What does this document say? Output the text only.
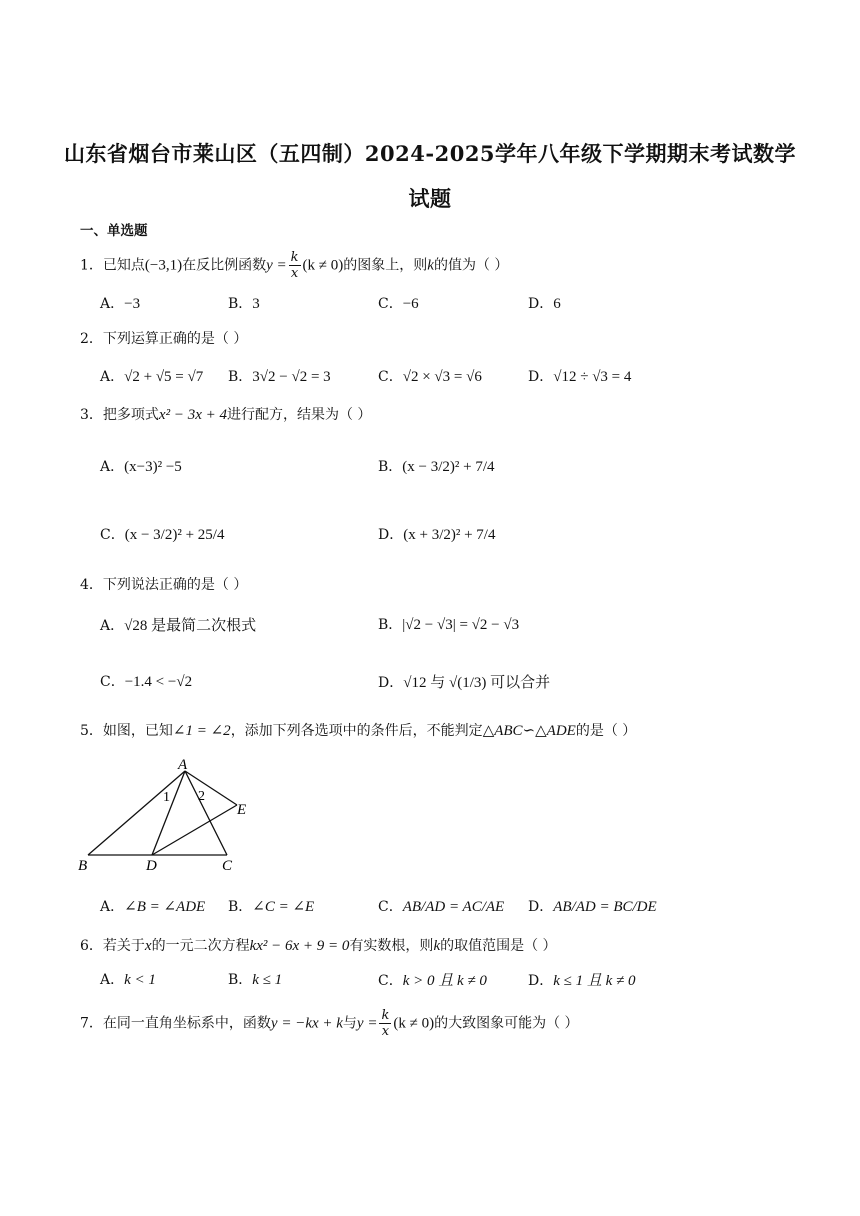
山东省烟台市莱山区（五四制）2024-2025学年八年级下学期期末考试数学
试题
一、单选题
1．已知点(−3,1)在反比例函数$y = \frac{k}{x} (k \ne 0)$的图象上，则k的值为（ ）
A．−3	B．3	C．−6	D．6
2．下列运算正确的是（ ）
A．√2 + √5 = √7 B．3√2 − √2 = 3	C．√2 × √3 = √6	D．√12 ÷ √3 = 4
3．把多项式x² − 3x + 4进行配方，结果为（ ）
A．(x−3)² −5	B．(x − 3/2)² + 7/4
C．(x − 3/2)² + 25/4	D．(x + 3/2)² + 7/4
4．下列说法正确的是（ ）
A．√28 是最简二次根式	B．|√2 − √3| = √2 − √3
C．−1.4 < −√2	D．√12 与 √(1/3) 可以合并
5．如图，已知∠1 = ∠2，添加下列各选项中的条件后，不能判定△ABC∽△ADE的是（ ）
A
B	D	C
E
1 2
A．∠B = ∠ADE B．∠C = ∠E	C．AB/AD = AC/AE D．AB/AD = BC/DE
6．若关于x的一元二次方程kx² − 6x + 9 = 0有实数根，则k的取值范围是（ ）
A．k < 1	B．k ≤ 1	C．k > 0 且 k ≠ 0	D．k ≤ 1 且 k ≠ 0
7．在同一直角坐标系中，函数y = −kx + k与$y = \frac{k}{x} (k \ne 0)$的大致图象可能为（ ）
